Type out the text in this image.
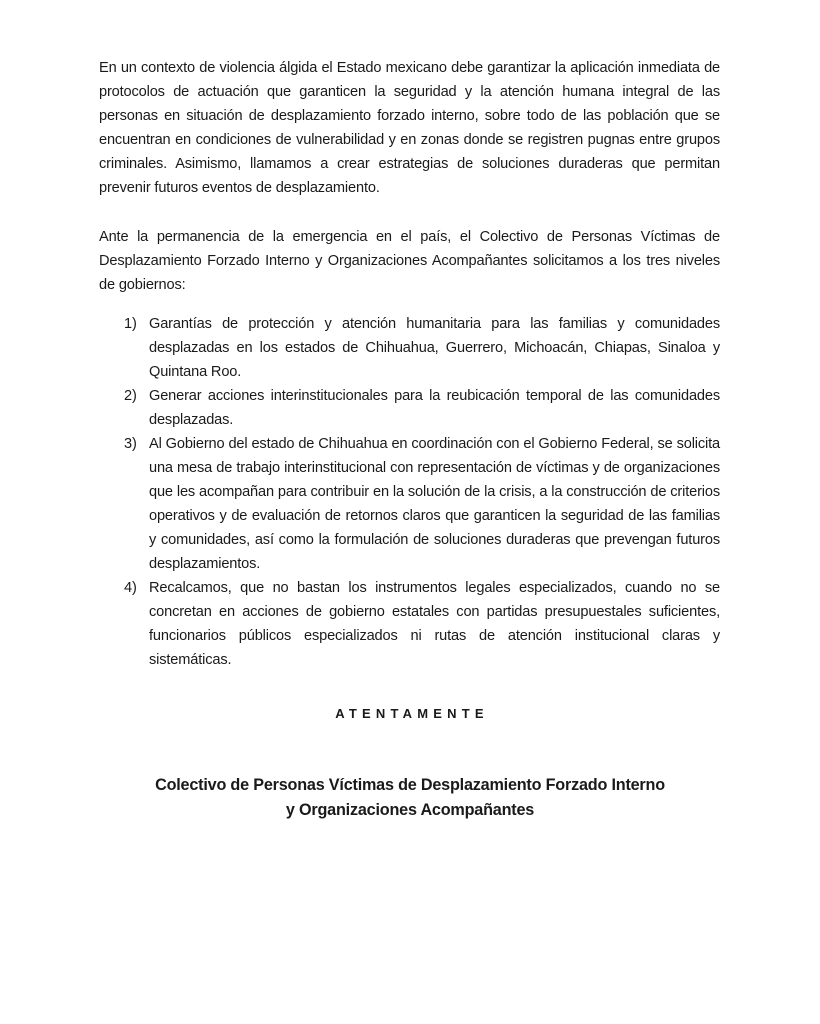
En un contexto de violencia álgida el Estado mexicano debe garantizar la aplicación inmediata de protocolos de actuación que garanticen la seguridad y la atención humana integral de las personas en situación de desplazamiento forzado interno, sobre todo de las población que se encuentran en condiciones de vulnerabilidad y en zonas donde se registren pugnas entre grupos criminales. Asimismo, llamamos a crear estrategias de soluciones duraderas que permitan prevenir futuros eventos de desplazamiento.

Ante la permanencia de la emergencia en el país, el Colectivo de Personas Víctimas de Desplazamiento Forzado Interno y Organizaciones Acompañantes solicitamos a los tres niveles de gobiernos:

1) Garantías de protección y atención humanitaria para las familias y comunidades desplazadas en los estados de Chihuahua, Guerrero, Michoacán, Chiapas, Sinaloa y Quintana Roo.
2) Generar acciones interinstitucionales para la reubicación temporal de las comunidades desplazadas.
3) Al Gobierno del estado de Chihuahua en coordinación con el Gobierno Federal, se solicita una mesa de trabajo interinstitucional con representación de víctimas y de organizaciones que les acompañan para contribuir en la solución de la crisis, a la construcción de criterios operativos y de evaluación de retornos claros que garanticen la seguridad de las familias y comunidades, así como la formulación de soluciones duraderas que prevengan futuros desplazamientos.
4) Recalcamos, que no bastan los instrumentos legales especializados, cuando no se concretan en acciones de gobierno estatales con partidas presupuestales suficientes, funcionarios públicos especializados ni rutas de atención institucional claras y sistemáticas.
ATENTAMENTE
Colectivo de Personas Víctimas de Desplazamiento Forzado Interno
y Organizaciones Acompañantes
